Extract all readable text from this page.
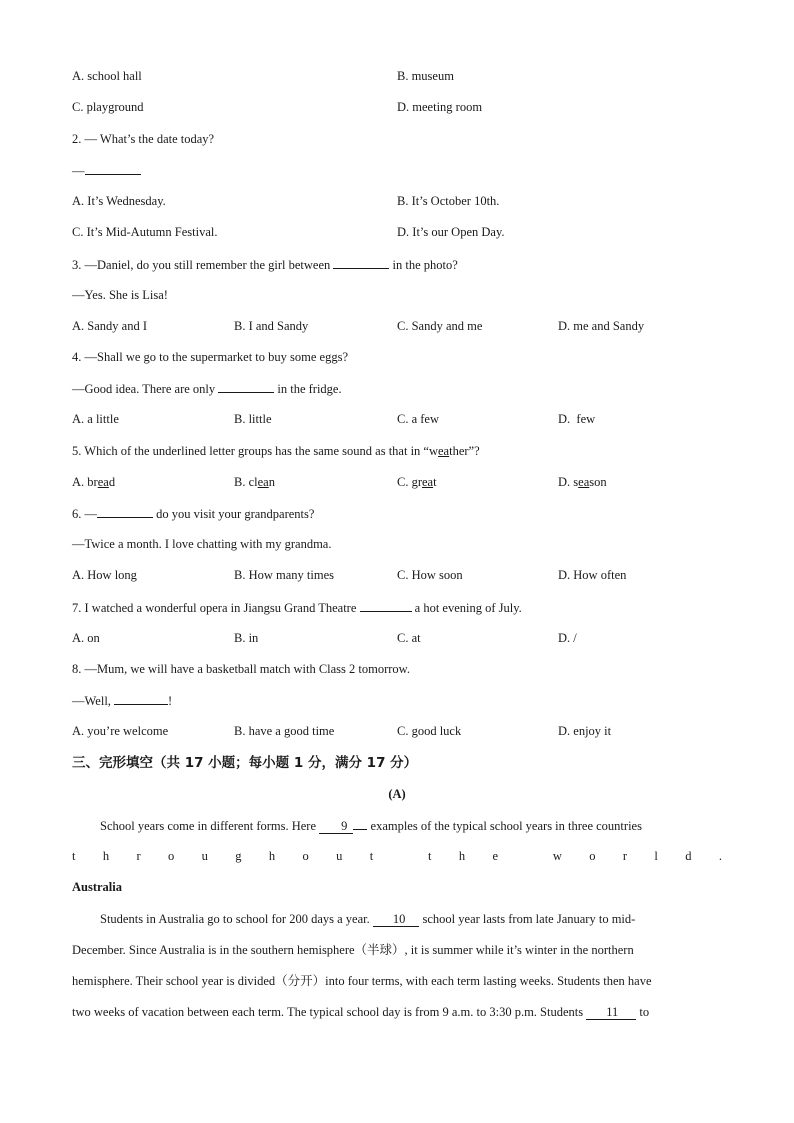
A. school hall	B. museum
C. playground	D. meeting room
2. — What’s the date today?
—
A. It’s Wednesday.	B. It’s October 10th.
C. It’s Mid-Autumn Festival.	D. It’s our Open Day.
3. —Daniel, do you still remember the girl between	in the photo?
—Yes. She is Lisa!
A. Sandy and I	B. I and Sandy	C. Sandy and me	D. me and Sandy
4. —Shall we go to the supermarket to buy some eggs?
—Good idea. There are only	in the fridge.
A. a little	B. little	C. a few	D.  few
5. Which of the underlined letter groups has the same sound as that in “weather”?
A. bread	B. clean	C. great	D. season
6. —	do you visit your grandparents?
—Twice a month. I love chatting with my grandma.
A. How long	B. How many times	C. How soon	D. How often
7. I watched a wonderful opera in Jiangsu Grand Theatre	a hot evening of July.
A. on	B. in	C. at	D. /
8. —Mum, we will have a basketball match with Class 2 tomorrow.
—Well,	!
A. you’re welcome	B. have a good time	C. good luck	D. enjoy it
三、完形填空（共 17 小题；每小题 1 分，满分 17 分）
(A)
School years come in different forms. Here 9 examples of the typical school years in three countries
t h r o u g h o u t	t h e	w o r l d .
Australia
Students in Australia go to school for 200 days a year. 10 school year lasts from late January to mid-
December. Since Australia is in the southern hemisphere（半球）, it is summer while it’s winter in the northern
hemisphere. Their school year is divided（分开）into four terms, with each term lasting weeks. Students then have
two weeks of vacation between each term. The typical school day is from 9 a.m. to 3:30 p.m. Students 11 to
